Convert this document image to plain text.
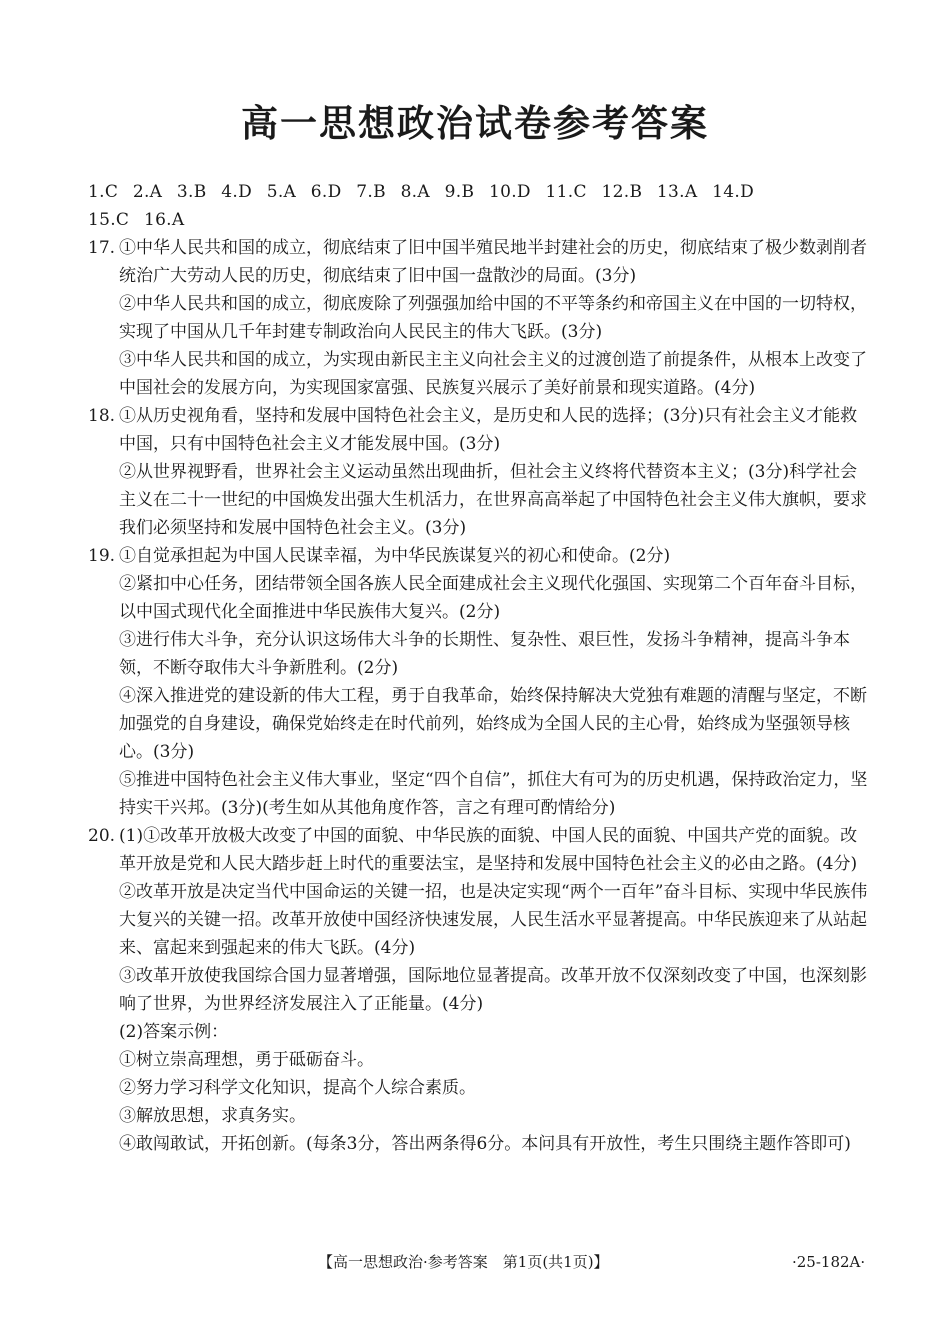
高一思想政治试卷参考答案
1.C 2.A 3.B 4.D 5.A 6.D 7.B 8.A 9.B 10.D 11.C 12.B 13.A 14.D
15.C 16.A
17. ①中华人民共和国的成立，彻底结束了旧中国半殖民地半封建社会的历史，彻底结束了极少数剥削者统治广大劳动人民的历史，彻底结束了旧中国一盘散沙的局面。(3分)
②中华人民共和国的成立，彻底废除了列强强加给中国的不平等条约和帝国主义在中国的一切特权，实现了中国从几千年封建专制政治向人民民主的伟大飞跃。(3分)
③中华人民共和国的成立，为实现由新民主主义向社会主义的过渡创造了前提条件，从根本上改变了中国社会的发展方向，为实现国家富强、民族复兴展示了美好前景和现实道路。(4分)
18. ①从历史视角看，坚持和发展中国特色社会主义，是历史和人民的选择；(3分)只有社会主义才能救中国，只有中国特色社会主义才能发展中国。(3分)
②从世界视野看，世界社会主义运动虽然出现曲折，但社会主义终将代替资本主义；(3分)科学社会主义在二十一世纪的中国焕发出强大生机活力，在世界高高举起了中国特色社会主义伟大旗帜，要求我们必须坚持和发展中国特色社会主义。(3分)
19. ①自觉承担起为中国人民谋幸福，为中华民族谋复兴的初心和使命。(2分)
②紧扣中心任务，团结带领全国各族人民全面建成社会主义现代化强国、实现第二个百年奋斗目标，以中国式现代化全面推进中华民族伟大复兴。(2分)
③进行伟大斗争，充分认识这场伟大斗争的长期性、复杂性、艰巨性，发扬斗争精神，提高斗争本领，不断夺取伟大斗争新胜利。(2分)
④深入推进党的建设新的伟大工程，勇于自我革命，始终保持解决大党独有难题的清醒与坚定，不断加强党的自身建设，确保党始终走在时代前列，始终成为全国人民的主心骨，始终成为坚强领导核心。(3分)
⑤推进中国特色社会主义伟大事业，坚定“四个自信”，抓住大有可为的历史机遇，保持政治定力，坚持实干兴邦。(3分)(考生如从其他角度作答，言之有理可酌情给分)
20. (1)①改革开放极大改变了中国的面貌、中华民族的面貌、中国人民的面貌、中国共产党的面貌。改革开放是党和人民大踏步赶上时代的重要法宝，是坚持和发展中国特色社会主义的必由之路。(4分)
②改革开放是决定当代中国命运的关键一招，也是决定实现“两个一百年”奋斗目标、实现中华民族伟大复兴的关键一招。改革开放使中国经济快速发展，人民生活水平显著提高。中华民族迎来了从站起来、富起来到强起来的伟大飞跃。(4分)
③改革开放使我国综合国力显著增强，国际地位显著提高。改革开放不仅深刻改变了中国，也深刻影响了世界，为世界经济发展注入了正能量。(4分)
(2)答案示例：
①树立崇高理想，勇于砥砺奋斗。
②努力学习科学文化知识，提高个人综合素质。
③解放思想，求真务实。
④敢闯敢试，开拓创新。(每条3分，答出两条得6分。本问具有开放性，考生只围绕主题作答即可)
【高一思想政治·参考答案　第1页(共1页)】	·25-182A·
